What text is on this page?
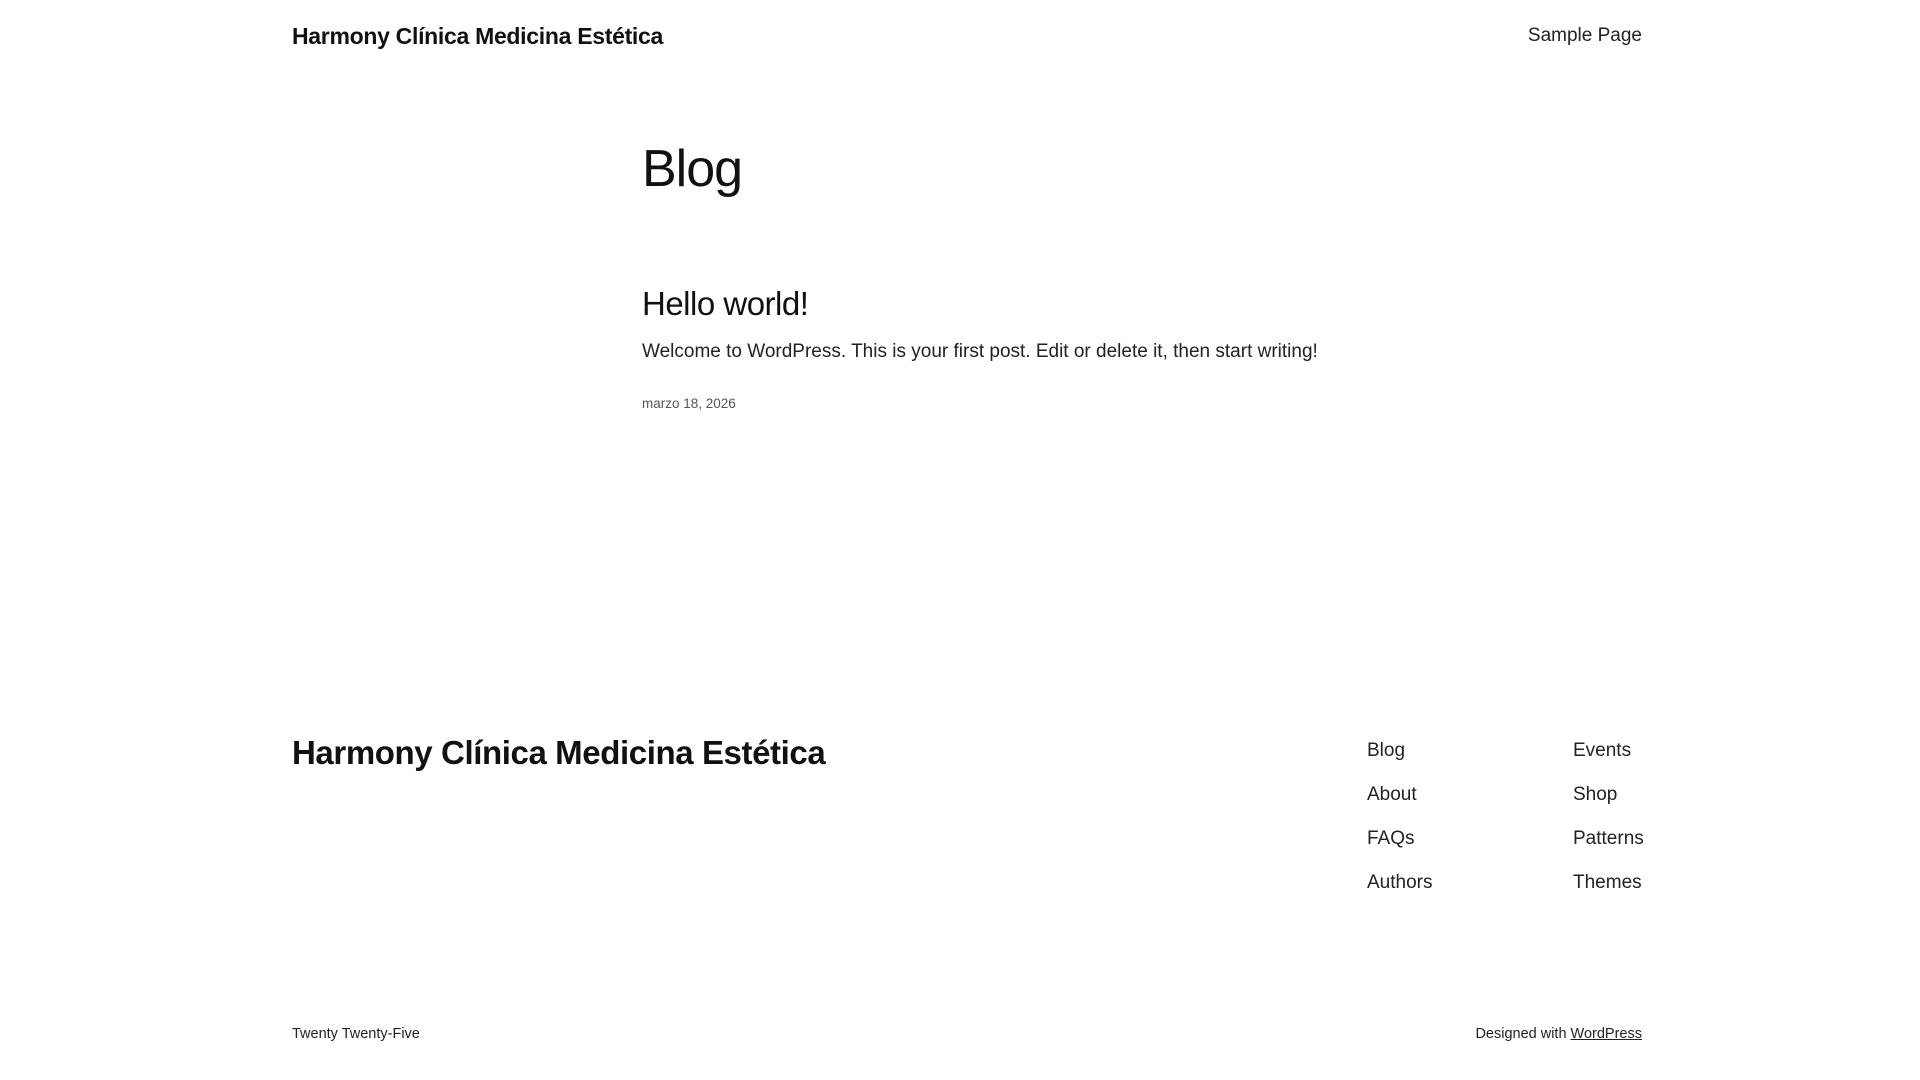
Harmony Clínica Medicina Estética	Sample Page
Blog
Hello world!

Welcome to WordPress. This is your first post. Edit or delete it, then start writing!

marzo 18, 2026
Harmony Clínica Medicina Estética	Blog
About
FAQs
Authors
Events
Shop
Patterns
Themes
Twenty Twenty-Five	Designed with WordPress
